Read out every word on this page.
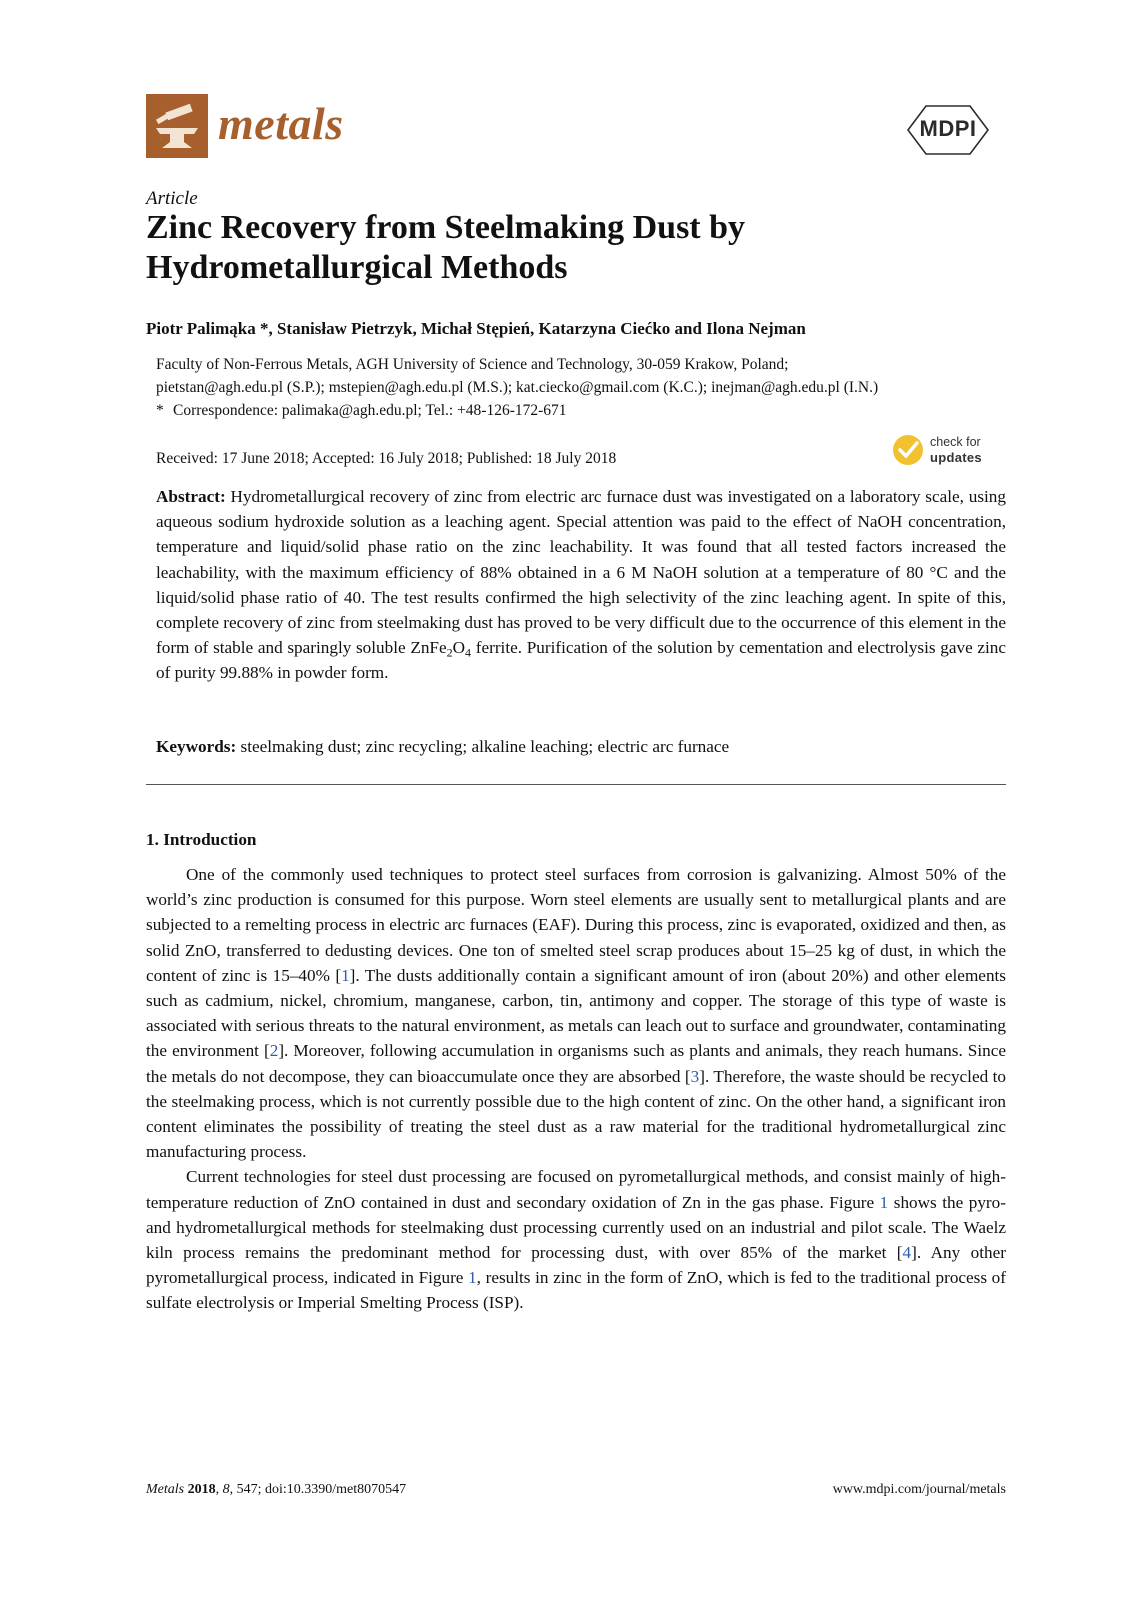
metals	MDPI
Article
Zinc Recovery from Steelmaking Dust by
Hydrometallurgical Methods
Piotr Palimąka *, Stanisław Pietrzyk, Michał Stępień, Katarzyna Ciećko and Ilona Nejman
Faculty of Non-Ferrous Metals, AGH University of Science and Technology, 30-059 Krakow, Poland;
pietstan@agh.edu.pl (S.P.); mstepien@agh.edu.pl (M.S.); kat.ciecko@gmail.com (K.C.); inejman@agh.edu.pl (I.N.)
* Correspondence: palimaka@agh.edu.pl; Tel.: +48-126-172-671
Received: 17 June 2018; Accepted: 16 July 2018; Published: 18 July 2018
check for
updates
Abstract: Hydrometallurgical recovery of zinc from electric arc furnace dust was investigated on a laboratory scale, using aqueous sodium hydroxide solution as a leaching agent. Special attention was paid to the effect of NaOH concentration, temperature and liquid/solid phase ratio on the zinc leachability. It was found that all tested factors increased the leachability, with the maximum efficiency of 88% obtained in a 6 M NaOH solution at a temperature of 80 °C and the liquid/solid phase ratio of 40. The test results confirmed the high selectivity of the zinc leaching agent. In spite of this, complete recovery of zinc from steelmaking dust has proved to be very difficult due to the occurrence of this element in the form of stable and sparingly soluble $ZnFe_2O_4$ ferrite. Purification of the solution by cementation and electrolysis gave zinc of purity 99.88% in powder form.
Keywords: steelmaking dust; zinc recycling; alkaline leaching; electric arc furnace
1. Introduction

One of the commonly used techniques to protect steel surfaces from corrosion is galvanizing. Almost 50% of the world’s zinc production is consumed for this purpose. Worn steel elements are usually sent to metallurgical plants and are subjected to a remelting process in electric arc furnaces (EAF). During this process, zinc is evaporated, oxidized and then, as solid ZnO, transferred to dedusting devices. One ton of smelted steel scrap produces about 15–25 kg of dust, in which the content of zinc is 15–40% [1]. The dusts additionally contain a significant amount of iron (about 20%) and other elements such as cadmium, nickel, chromium, manganese, carbon, tin, antimony and copper. The storage of this type of waste is associated with serious threats to the natural environment, as metals can leach out to surface and groundwater, contaminating the environment [2]. Moreover, following accumulation in organisms such as plants and animals, they reach humans. Since the metals do not decompose, they can bioaccumulate once they are absorbed [3]. Therefore, the waste should be recycled to the steelmaking process, which is not currently possible due to the high content of zinc. On the other hand, a significant iron content eliminates the possibility of treating the steel dust as a raw material for the traditional hydrometallurgical zinc manufacturing process.

Current technologies for steel dust processing are focused on pyrometallurgical methods, and consist mainly of high-temperature reduction of ZnO contained in dust and secondary oxidation of Zn in the gas phase. Figure 1 shows the pyro-and hydrometallurgical methods for steelmaking dust processing currently used on an industrial and pilot scale. The Waelz kiln process remains the predominant method for processing dust, with over 85% of the market [4]. Any other pyrometallurgical process, indicated in Figure 1, results in zinc in the form of ZnO, which is fed to the traditional process of sulfate electrolysis or Imperial Smelting Process (ISP).

Metals 2018, 8, 547; doi:10.3390/met8070547	www.mdpi.com/journal/metals
